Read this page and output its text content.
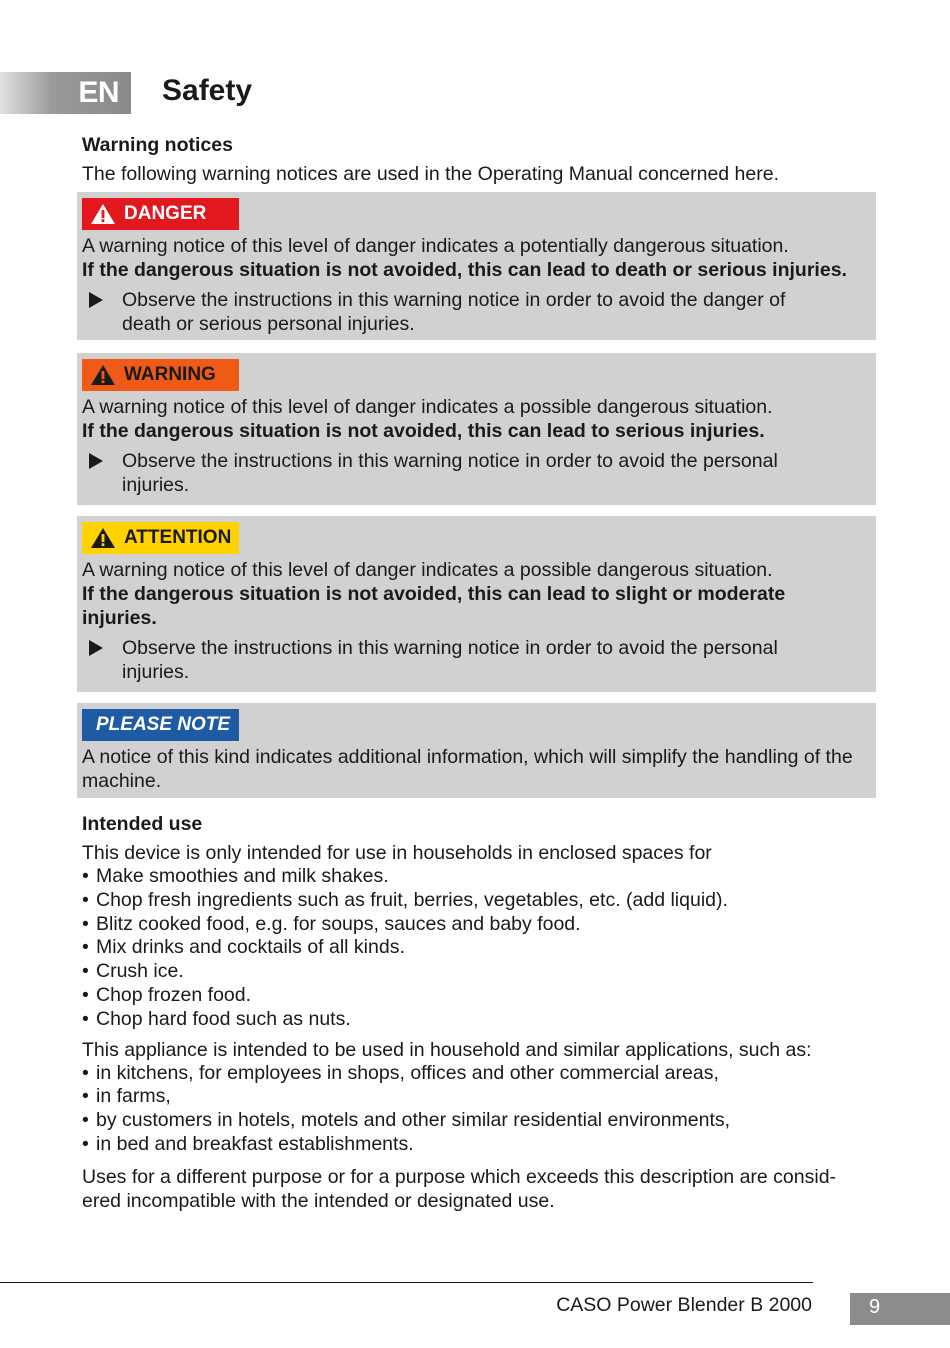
EN Safety

Warning notices

The following warning notices are used in the Operating Manual concerned here.

DANGER

A warning notice of this level of danger indicates a potentially dangerous situation.

If the dangerous situation is not avoided, this can lead to death or serious injuries.

Observe the instructions in this warning notice in order to avoid the danger of death or serious personal injuries.
WARNING

A warning notice of this level of danger indicates a possible dangerous situation.

If the dangerous situation is not avoided, this can lead to serious injuries.

Observe the instructions in this warning notice in order to avoid the personal injuries.
ATTENTION

A warning notice of this level of danger indicates a possible dangerous situation.

If the dangerous situation is not avoided, this can lead to slight or moderate injuries.

Observe the instructions in this warning notice in order to avoid the personal injuries.
PLEASE NOTE

A notice of this kind indicates additional information, which will simplify the handling of the machine.

Intended use

This device is only intended for use in households in enclosed spaces for

• Make smoothies and milk shakes.
• Chop fresh ingredients such as fruit, berries, vegetables, etc. (add liquid).
• Blitz cooked food, e.g. for soups, sauces and baby food.
• Mix drinks and cocktails of all kinds.
• Crush ice.
• Chop frozen food.
• Chop hard food such as nuts.

This appliance is intended to be used in household and similar applications, such as:

• in kitchens, for employees in shops, offices and other commercial areas,
• in farms,
• by customers in hotels, motels and other similar residential environments,
• in bed and breakfast establishments.

Uses for a different purpose or for a purpose which exceeds this description are consid-ered incompatible with the intended or designated use.

CASO Power Blender B 2000	9
